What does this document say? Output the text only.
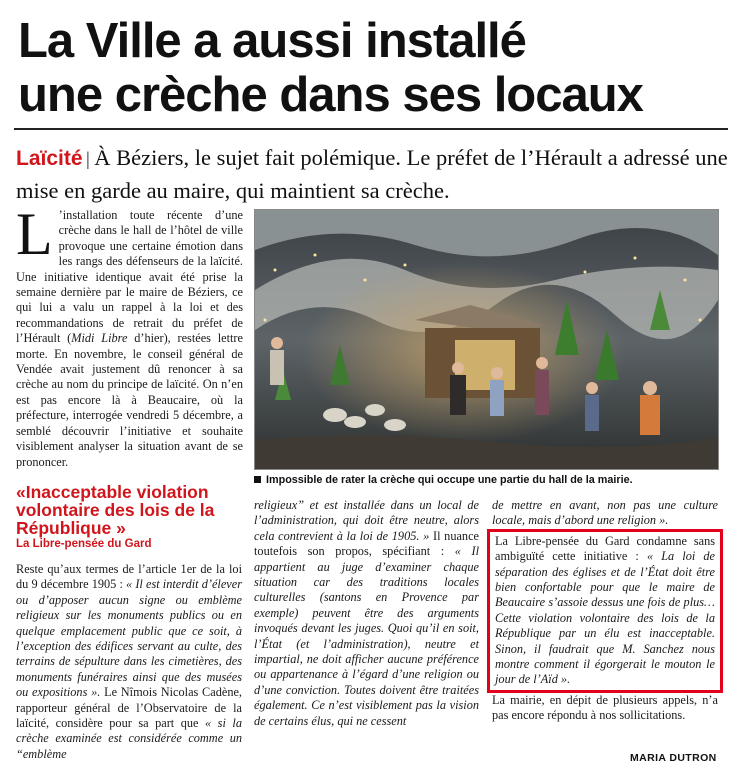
La Ville a aussi installé
une crèche dans ses locaux

Laïcité | À Béziers, le sujet fait polémique. Le préfet de l’Hérault a adressé une mise en garde au maire, qui maintient sa crèche.

L ’installation toute récente d’une crèche dans le hall de l’hôtel de ville provoque une certaine émotion dans les rangs des défenseurs de la laïcité. Une initiative identique avait été prise la semaine dernière par le maire de Béziers, ce qui lui a valu un rappel à la loi et des recommandations de retrait du préfet de l’Hérault (Midi Libre d’hier), restées lettre morte. En novembre, le conseil général de Vendée avait justement dû renoncer à sa crèche au nom du principe de laïcité. On n’en est pas encore là à Beaucaire, où la préfecture, interrogée vendredi 5 décembre, a semblé découvrir l’initiative et souhaite visiblement analyser la situation avant de se prononcer.

Impossible de rater la crèche qui occupe une partie du hall de la mairie.
«Inacceptable violation volontaire des lois de la République »
La Libre-pensée du Gard

Reste qu’aux termes de l’article 1er de la loi du 9 décembre 1905 : « Il est interdit d’élever ou d’apposer aucun signe ou emblème religieux sur les monuments publics ou en quelque emplacement public que ce soit, à l’exception des édifices servant au culte, des terrains de sépulture dans les cimetières, des monuments funéraires ainsi que des musées ou expositions ». Le Nîmois Nicolas Cadène, rapporteur général de l’Observatoire de la laïcité, considère pour sa part que « si la crèche examinée est considérée comme un “emblème

religieux” et est installée dans un local de l’administration, qui doit être neutre, alors cela contrevient à la loi de 1905. » Il nuance toutefois son propos, spécifiant : « Il appartient au juge d’examiner chaque situation car des traditions locales culturelles (santons en Provence par exemple) peuvent être des arguments invoqués devant les juges. Quoi qu’il en soit, l’État (et l’administration), neutre et impartial, ne doit afficher aucune préférence ou appartenance à l’égard d’une religion ou d’une conviction. Toutes doivent être traitées également. Ce n’est visiblement pas la vision de certains élus, qui ne cessent

de mettre en avant, non pas une culture locale, mais d’abord une religion ».

La Libre-pensée du Gard condamne sans ambiguïté cette initiative : « La loi de séparation des églises et de l’État doit être bien confortable pour que le maire de Beaucaire s’assoie dessus une fois de plus… Cette violation volontaire des lois de la République par un élu est inacceptable. Sinon, il faudrait que M. Sanchez nous montre comment il égorgerait le mouton le jour de l’Aïd ».

La mairie, en dépit de plusieurs appels, n’a pas encore répondu à nos sollicitations.

MARIA DUTRON
